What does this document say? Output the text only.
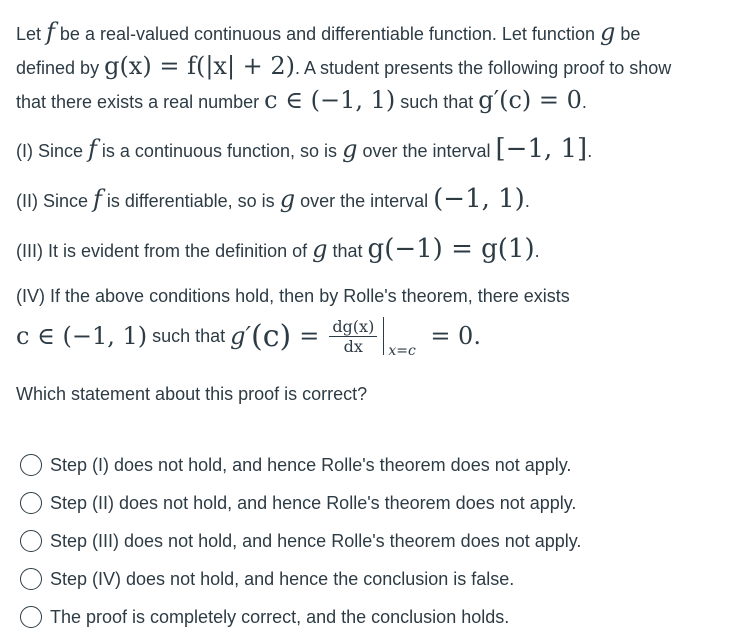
Let f be a real-valued continuous and differentiable function. Let function g be
defined by g(x) = f(|x| + 2). A student presents the following proof to show
that there exists a real number c ∈ (−1, 1) such that g′(c) = 0.
(I) Since f is a continuous function, so is g over the interval [−1, 1].
(II) Since f is differentiable, so is g over the interval (−1, 1).
(III) It is evident from the definition of g that g(−1) = g(1).
(IV) If the above conditions hold, then by Rolle's theorem, there exists
c ∈ (−1, 1) such that g′ $(c) = \frac{dg(x)}{dx} x=c$
= 0.
Which statement about this proof is correct?
Step (I) does not hold, and hence Rolle's theorem does not apply.
Step (II) does not hold, and hence Rolle's theorem does not apply.
Step (III) does not hold, and hence Rolle's theorem does not apply.
Step (IV) does not hold, and hence the conclusion is false.
The proof is completely correct, and the conclusion holds.
